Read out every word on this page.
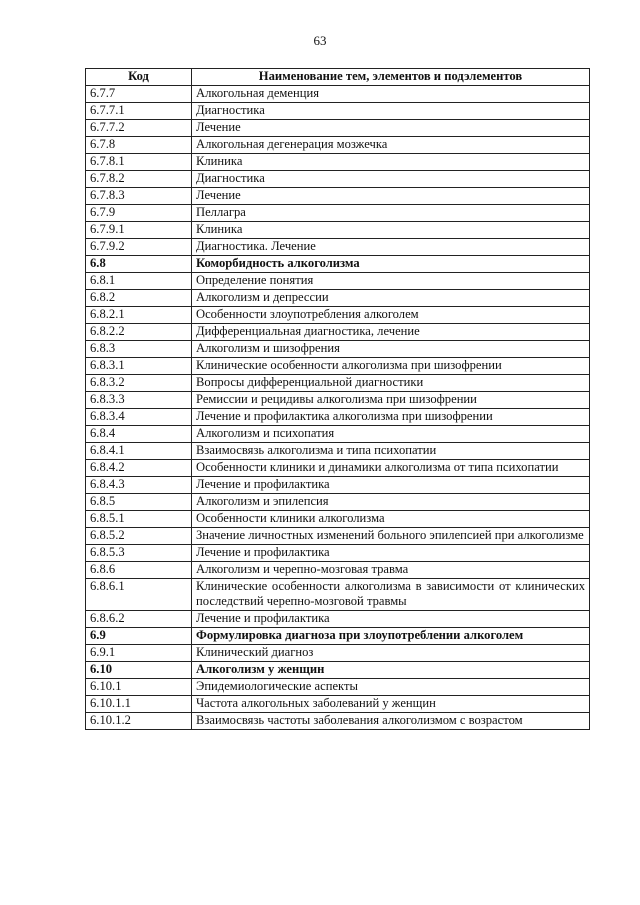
63
Код	Наименование тем, элементов и подэлементов
6.7.7	Алкогольная деменция
6.7.7.1	Диагностика
6.7.7.2	Лечение
6.7.8	Алкогольная дегенерация мозжечка
6.7.8.1	Клиника
6.7.8.2	Диагностика
6.7.8.3	Лечение
6.7.9	Пеллагра
6.7.9.1	Клиника
6.7.9.2	Диагностика. Лечение
6.8	Коморбидность алкоголизма
6.8.1	Определение понятия
6.8.2	Алкоголизм и депрессии
6.8.2.1	Особенности злоупотребления алкоголем
6.8.2.2	Дифференциальная диагностика, лечение
6.8.3	Алкоголизм и шизофрения
6.8.3.1	Клинические особенности алкоголизма при шизофрении
6.8.3.2	Вопросы дифференциальной диагностики
6.8.3.3	Ремиссии и рецидивы алкоголизма при шизофрении
6.8.3.4	Лечение и профилактика алкоголизма при шизофрении
6.8.4	Алкоголизм и психопатия
6.8.4.1	Взаимосвязь алкоголизма и типа психопатии
6.8.4.2	Особенности клиники и динамики алкоголизма от типа психопатии
6.8.4.3	Лечение и профилактика
6.8.5	Алкоголизм и эпилепсия
6.8.5.1	Особенности клиники алкоголизма
6.8.5.2	Значение личностных изменений больного эпилепсией при алкоголизме
6.8.5.3	Лечение и профилактика
6.8.6	Алкоголизм и черепно-мозговая травма
6.8.6.1	Клинические особенности алкоголизма в зависимости от клинических последствий черепно-мозговой травмы
6.8.6.2	Лечение и профилактика
6.9	Формулировка диагноза при злоупотреблении алкоголем
6.9.1	Клинический диагноз
6.10	Алкоголизм у женщин
6.10.1	Эпидемиологические аспекты
6.10.1.1	Частота алкогольных заболеваний у женщин
6.10.1.2	Взаимосвязь частоты заболевания алкоголизмом с возрастом
